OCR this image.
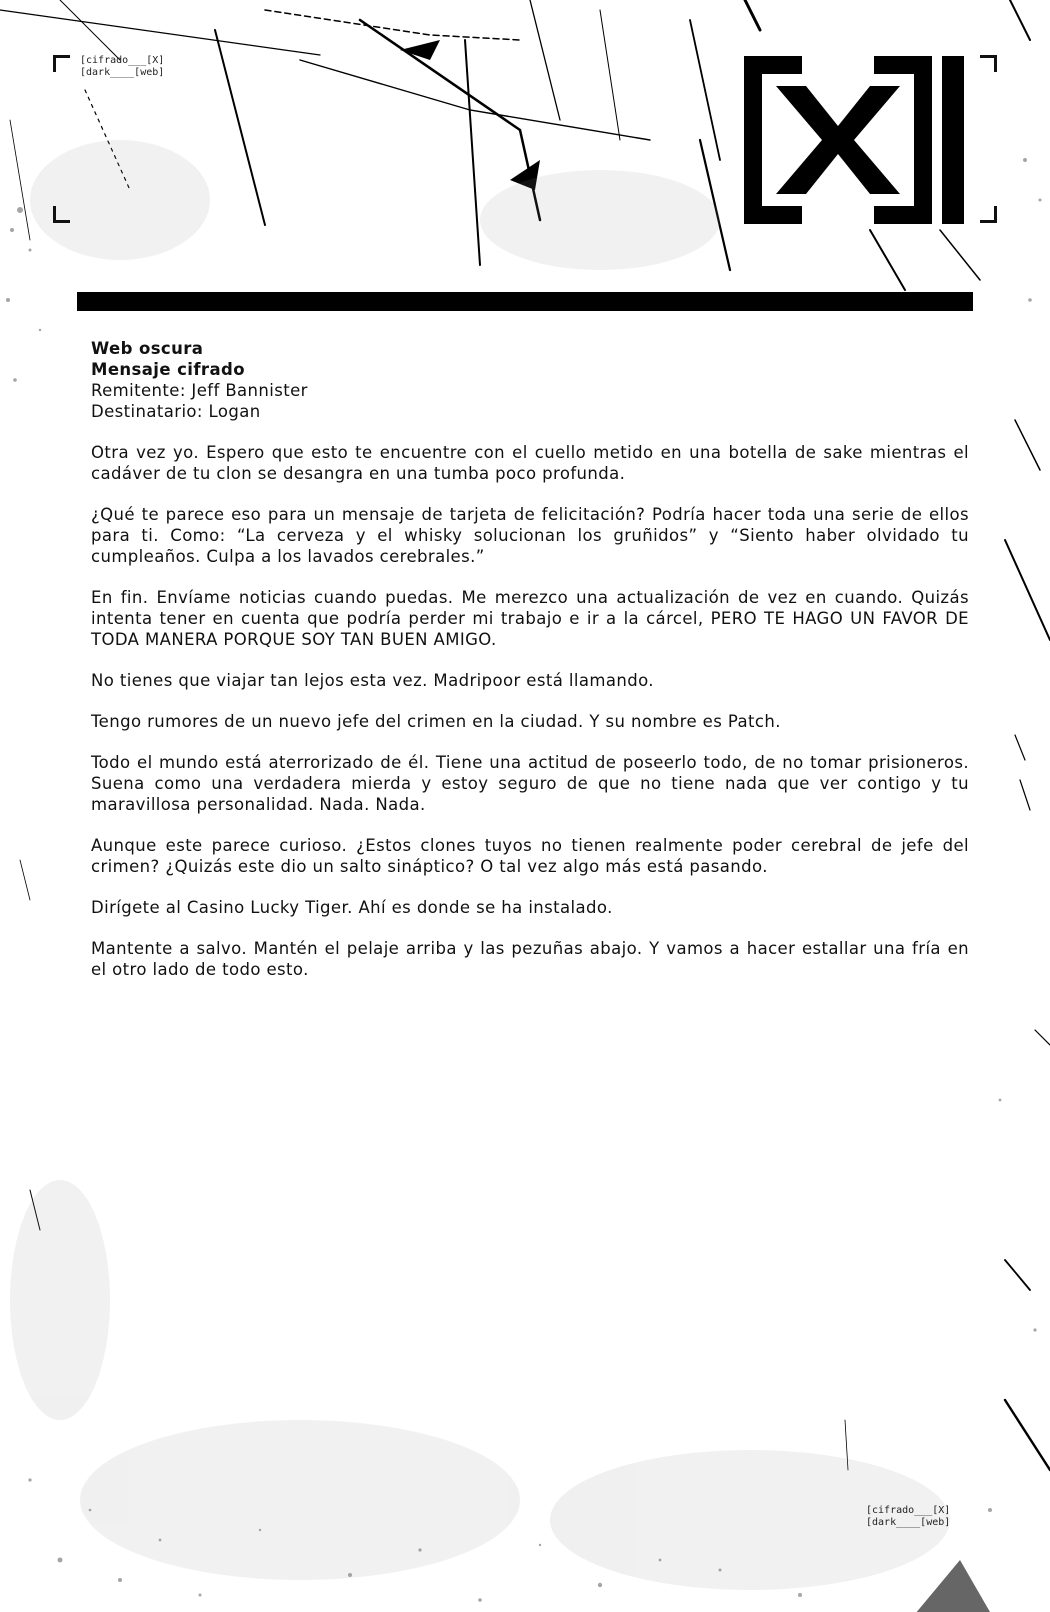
[cifrado___[X]
[dark____[web]
Web oscura
Mensaje cifrado
Remitente: Jeff Bannister
Destinatario: Logan

Otra vez yo. Espero que esto te encuentre con el cuello metido en una botella de sake mientras el cadáver de tu clon se desangra en una tumba poco profunda.

¿Qué te parece eso para un mensaje de tarjeta de felicitación? Podría hacer toda una serie de ellos para ti. Como: “La cerveza y el whisky solucionan los gruñidos” y “Siento haber olvidado tu cumpleaños. Culpa a los lavados cerebrales.”

En fin. Envíame noticias cuando puedas. Me merezco una actualización de vez en cuando. Quizás intenta tener en cuenta que podría perder mi trabajo e ir a la cárcel, PERO TE HAGO UN FAVOR DE TODA MANERA PORQUE SOY TAN BUEN AMIGO.

No tienes que viajar tan lejos esta vez. Madripoor está llamando.

Tengo rumores de un nuevo jefe del crimen en la ciudad. Y su nombre es Patch.

Todo el mundo está aterrorizado de él. Tiene una actitud de poseerlo todo, de no tomar prisioneros. Suena como una verdadera mierda y estoy seguro de que no tiene nada que ver contigo y tu maravillosa personalidad. Nada. Nada.

Aunque este parece curioso. ¿Estos clones tuyos no tienen realmente poder cerebral de jefe del crimen? ¿Quizás este dio un salto sináptico? O tal vez algo más está pasando.

Dirígete al Casino Lucky Tiger. Ahí es donde se ha instalado.

Mantente a salvo. Mantén el pelaje arriba y las pezuñas abajo. Y vamos a hacer estallar una fría en el otro lado de todo esto.

[cifrado___[X]
[dark____[web]
